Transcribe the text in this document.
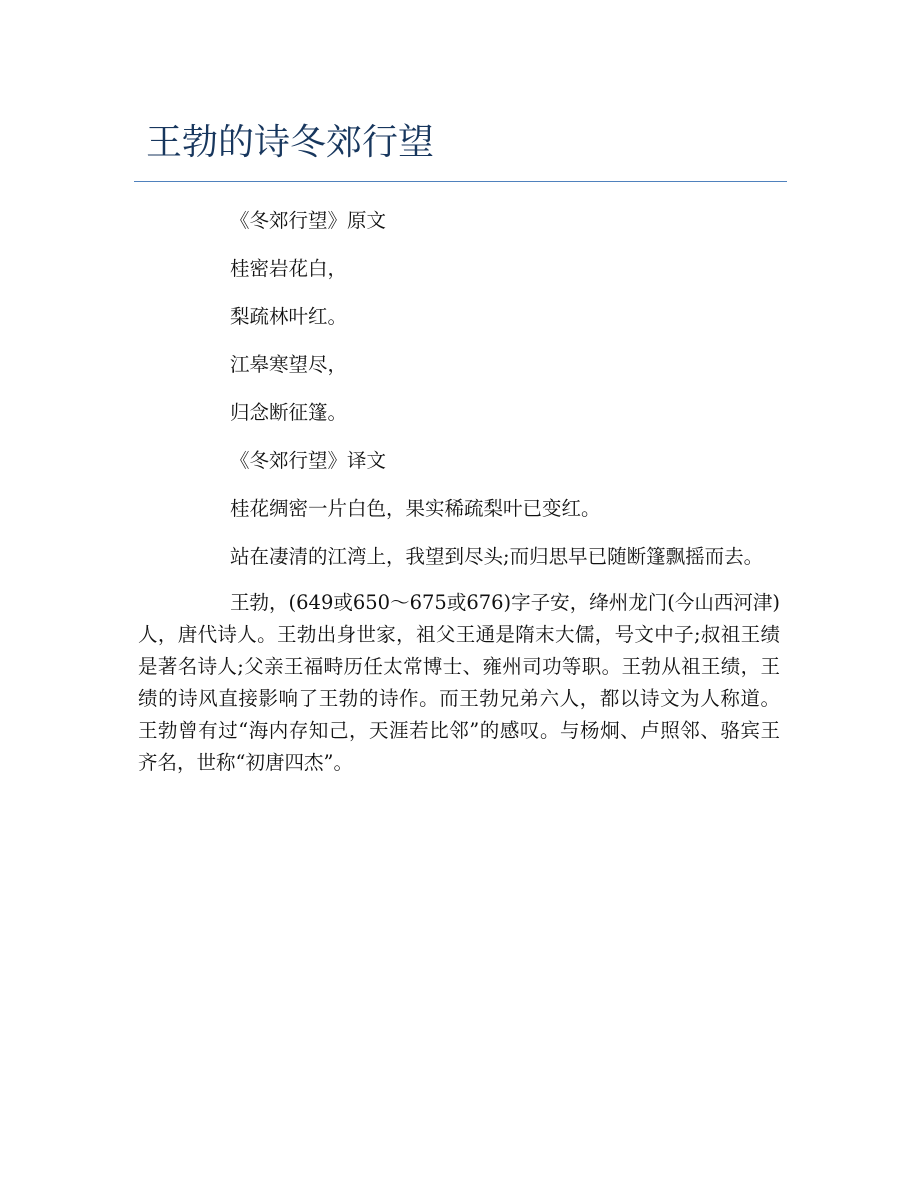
王勃的诗冬郊行望

《冬郊行望》原文

桂密岩花白，

梨疏林叶红。

江皋寒望尽，

归念断征篷。

《冬郊行望》译文

桂花绸密一片白色，果实稀疏梨叶已变红。

站在凄清的江湾上，我望到尽头;而归思早已随断篷飘摇而去。

王勃，(649或650～675或676)字子安，绛州龙门(今山西河津)人，唐代诗人。王勃出身世家，祖父王通是隋末大儒，号文中子;叔祖王绩是著名诗人;父亲王福畤历任太常博士、雍州司功等职。王勃从祖王绩，王绩的诗风直接影响了王勃的诗作。而王勃兄弟六人，都以诗文为人称道。王勃曾有过“海内存知己，天涯若比邻”的感叹。与杨炯、卢照邻、骆宾王齐名，世称“初唐四杰”。
